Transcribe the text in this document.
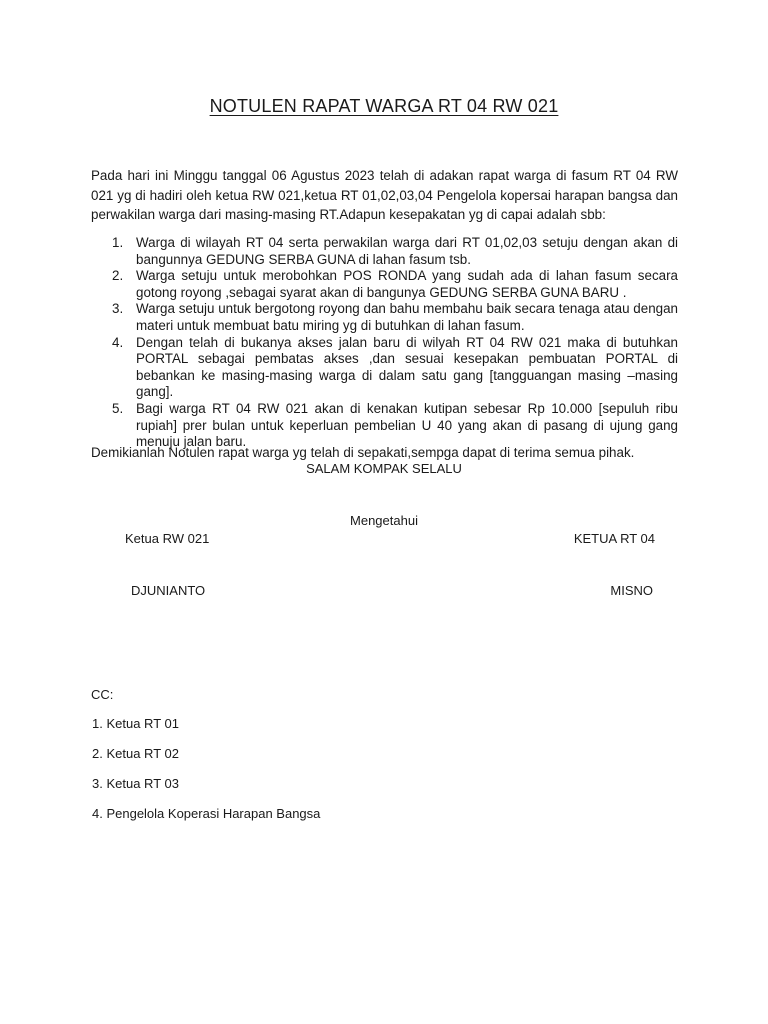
NOTULEN RAPAT WARGA RT 04 RW 021

Pada hari ini Minggu tanggal 06 Agustus 2023 telah di adakan rapat warga di fasum RT 04 RW 021 yg di hadiri oleh ketua RW 021,ketua RT 01,02,03,04 Pengelola kopersai harapan bangsa dan perwakilan warga dari masing-masing RT.Adapun kesepakatan yg di capai adalah sbb:

1. Warga di wilayah RT 04 serta perwakilan warga dari RT 01,02,03 setuju dengan akan di bangunnya GEDUNG SERBA GUNA di lahan fasum tsb.
2. Warga setuju untuk merobohkan POS RONDA yang sudah ada di lahan fasum secara gotong royong ,sebagai syarat akan di bangunya GEDUNG SERBA GUNA BARU .
3. Warga setuju untuk bergotong royong dan bahu membahu baik secara tenaga atau dengan materi untuk membuat batu miring yg di butuhkan di lahan fasum.
4. Dengan telah di bukanya akses jalan baru di wilyah RT 04 RW 021 maka di butuhkan PORTAL sebagai pembatas akses ,dan sesuai kesepakan pembuatan PORTAL di bebankan ke masing-masing warga di dalam satu gang [tangguangan masing –masing gang].
5. Bagi warga RT 04 RW 021 akan di kenakan kutipan sebesar Rp 10.000 [sepuluh ribu rupiah] prer bulan untuk keperluan pembelian U 40 yang akan di pasang di ujung gang menuju jalan baru.

Demikianlah Notulen rapat warga yg telah di sepakati,sempga dapat di terima semua pihak.

SALAM KOMPAK SELALU
Mengetahui
Ketua RW 021	KETUA RT 04
DJUNIANTO	MISNO
CC:
1. Ketua RT 01
2. Ketua RT 02
3. Ketua RT 03
4. Pengelola Koperasi Harapan Bangsa
